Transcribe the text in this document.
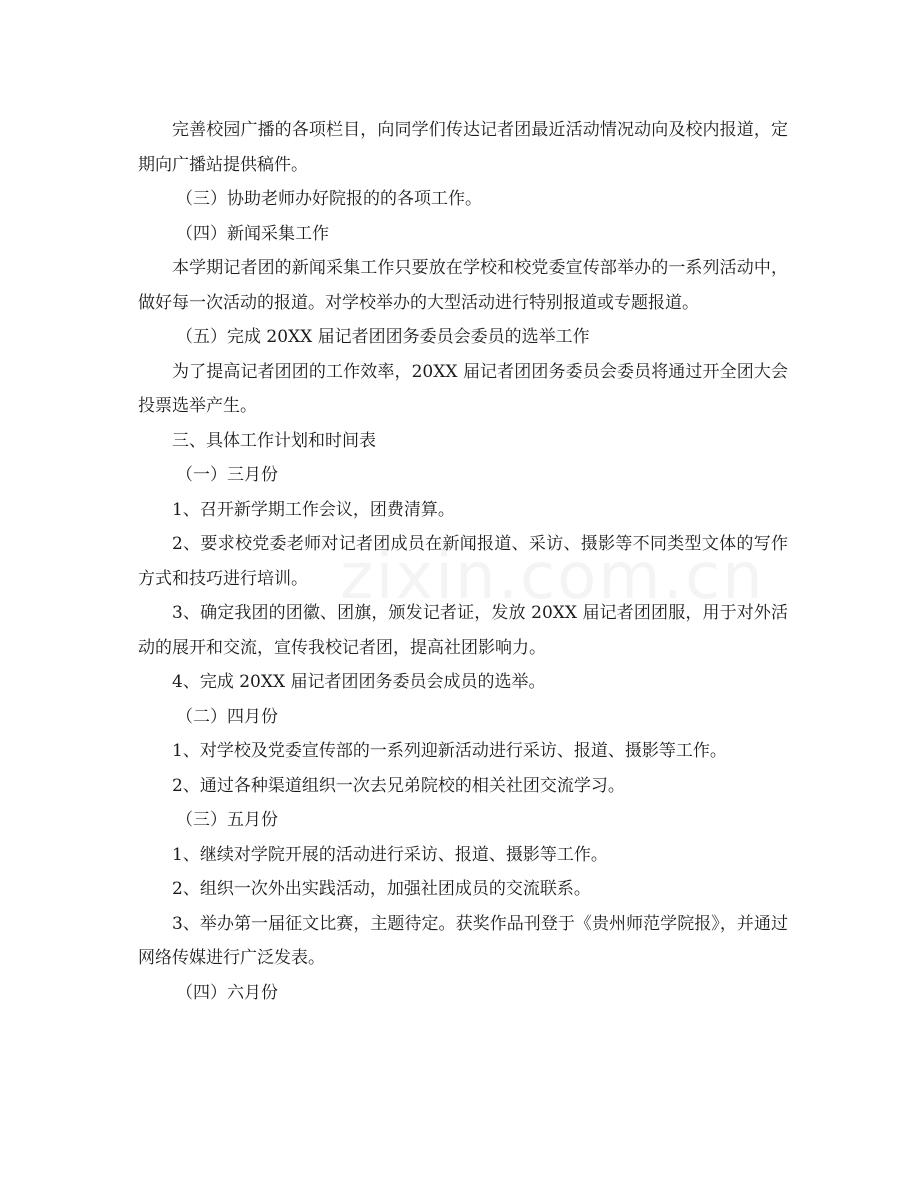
完善校园广播的各项栏目，向同学们传达记者团最近活动情况动向及校内报道，定期向广播站提供稿件。

（三）协助老师办好院报的的各项工作。

（四）新闻采集工作

本学期记者团的新闻采集工作只要放在学校和校党委宣传部举办的一系列活动中，做好每一次活动的报道。对学校举办的大型活动进行特别报道或专题报道。

（五）完成 20XX 届记者团团务委员会委员的选举工作

为了提高记者团团的工作效率，20XX 届记者团团务委员会委员将通过开全团大会投票选举产生。

三、具体工作计划和时间表

（一）三月份

1、召开新学期工作会议，团费清算。

2、要求校党委老师对记者团成员在新闻报道、采访、摄影等不同类型文体的写作方式和技巧进行培训。

3、确定我团的团徽、团旗，颁发记者证，发放 20XX 届记者团团服，用于对外活动的展开和交流，宣传我校记者团，提高社团影响力。

4、完成 20XX 届记者团团务委员会成员的选举。

（二）四月份

1、对学校及党委宣传部的一系列迎新活动进行采访、报道、摄影等工作。

2、通过各种渠道组织一次去兄弟院校的相关社团交流学习。

（三）五月份

1、继续对学院开展的活动进行采访、报道、摄影等工作。

2、组织一次外出实践活动，加强社团成员的交流联系。

3、举办第一届征文比赛，主题待定。获奖作品刊登于《贵州师范学院报》，并通过网络传媒进行广泛发表。

（四）六月份
